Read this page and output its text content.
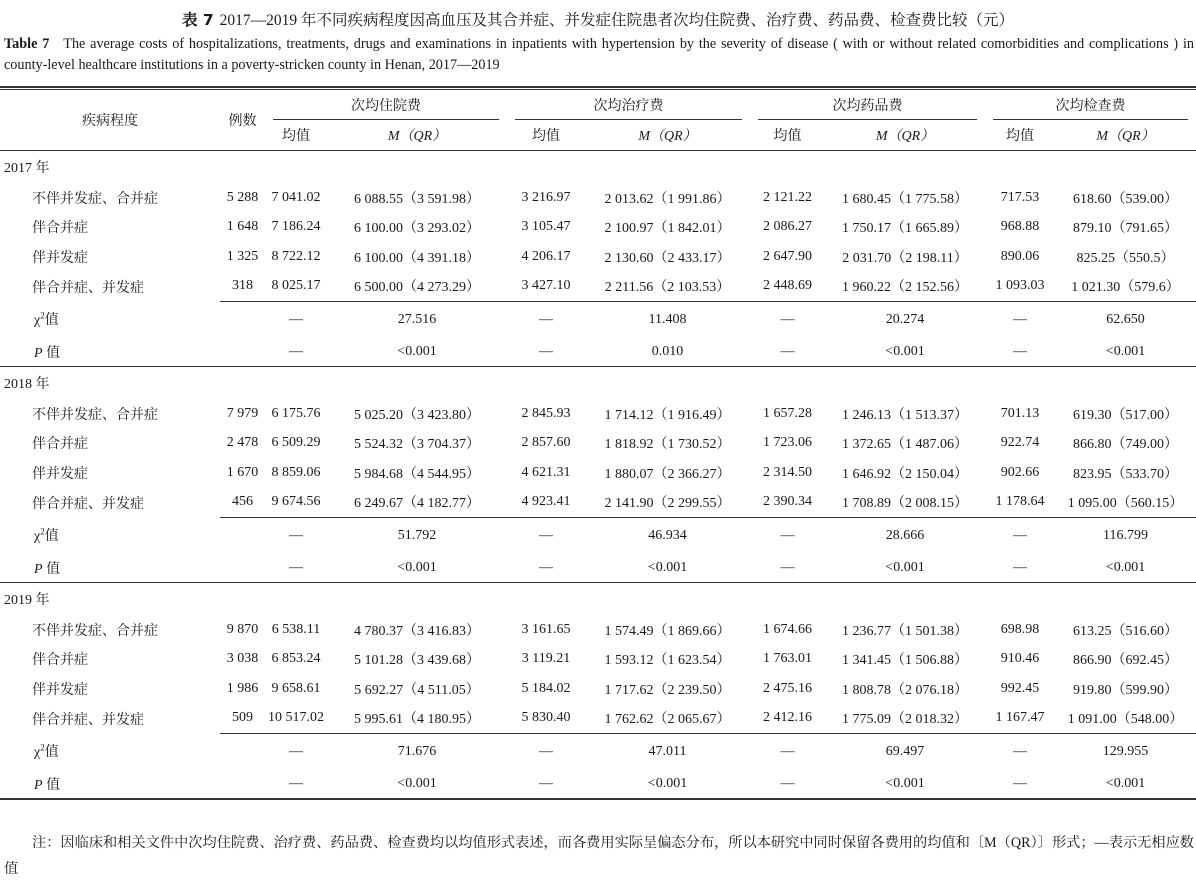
表 7 2017—2019 年不同疾病程度因高血压及其合并症、并发症住院患者次均住院费、治疗费、药品费、检查费比较（元）
Table 7 The average costs of hospitalizations, treatments, drugs and examinations in inpatients with hypertension by the severity of disease ( with or without related comorbidities and complications ) in county-level healthcare institutions in a poverty-stricken county in Henan, 2017—2019
疾病程度	例数	次均住院费		次均治疗费		次均药品费		次均检查费	
		均值	M（QR）	均值	M（QR）	均值	M（QR）	均值	M（QR）
2017 年									
不伴并发症、合并症	5 288	7 041.02	6 088.55（3 591.98）	3 216.97	2 013.62（1 991.86）	2 121.22	1 680.45（1 775.58）	717.53	618.60（539.00）
伴合并症	1 648	7 186.24	6 100.00（3 293.02）	3 105.47	2 100.97（1 842.01）	2 086.27	1 750.17（1 665.89）	968.88	879.10（791.65）
伴并发症	1 325	8 722.12	6 100.00（4 391.18）	4 206.17	2 130.60（2 433.17）	2 647.90	2 031.70（2 198.11）	890.06	825.25（550.5）
伴合并症、并发症	318	8 025.17	6 500.00（4 273.29）	3 427.10	2 211.56（2 103.53）	2 448.69	1 960.22（2 152.56）	1 093.03	1 021.30（579.6）
$\chi^2$值		—	27.516	—	11.408	—	20.274	—	62.650
P 值		—	<0.001	—	0.010	—	<0.001	—	<0.001
2018 年									
不伴并发症、合并症	7 979	6 175.76	5 025.20（3 423.80）	2 845.93	1 714.12（1 916.49）	1 657.28	1 246.13（1 513.37）	701.13	619.30（517.00）
伴合并症	2 478	6 509.29	5 524.32（3 704.37）	2 857.60	1 818.92（1 730.52）	1 723.06	1 372.65（1 487.06）	922.74	866.80（749.00）
伴并发症	1 670	8 859.06	5 984.68（4 544.95）	4 621.31	1 880.07（2 366.27）	2 314.50	1 646.92（2 150.04）	902.66	823.95（533.70）
伴合并症、并发症	456	9 674.56	6 249.67（4 182.77）	4 923.41	2 141.90（2 299.55）	2 390.34	1 708.89（2 008.15）	1 178.64	1 095.00（560.15）
$\chi^2$值		—	51.792	—	46.934	—	28.666	—	116.799
P 值		—	<0.001	—	<0.001	—	<0.001	—	<0.001
2019 年									
不伴并发症、合并症	9 870	6 538.11	4 780.37（3 416.83）	3 161.65	1 574.49（1 869.66）	1 674.66	1 236.77（1 501.38）	698.98	613.25（516.60）
伴合并症	3 038	6 853.24	5 101.28（3 439.68）	3 119.21	1 593.12（1 623.54）	1 763.01	1 341.45（1 506.88）	910.46	866.90（692.45）
伴并发症	1 986	9 658.61	5 692.27（4 511.05）	5 184.02	1 717.62（2 239.50）	2 475.16	1 808.78（2 076.18）	992.45	919.80（599.90）
伴合并症、并发症	509	10 517.02	5 995.61（4 180.95）	5 830.40	1 762.62（2 065.67）	2 412.16	1 775.09（2 018.32）	1 167.47	1 091.00（548.00）
$\chi^2$值		—	71.676	—	47.011	—	69.497	—	129.955
P 值		—	<0.001	—	<0.001	—	<0.001	—	<0.001
注：因临床和相关文件中次均住院费、治疗费、药品费、检查费均以均值形式表述，而各费用实际呈偏态分布，所以本研究中同时保留各费用的均值和〔M（QR）〕形式；—表示无相应数值
